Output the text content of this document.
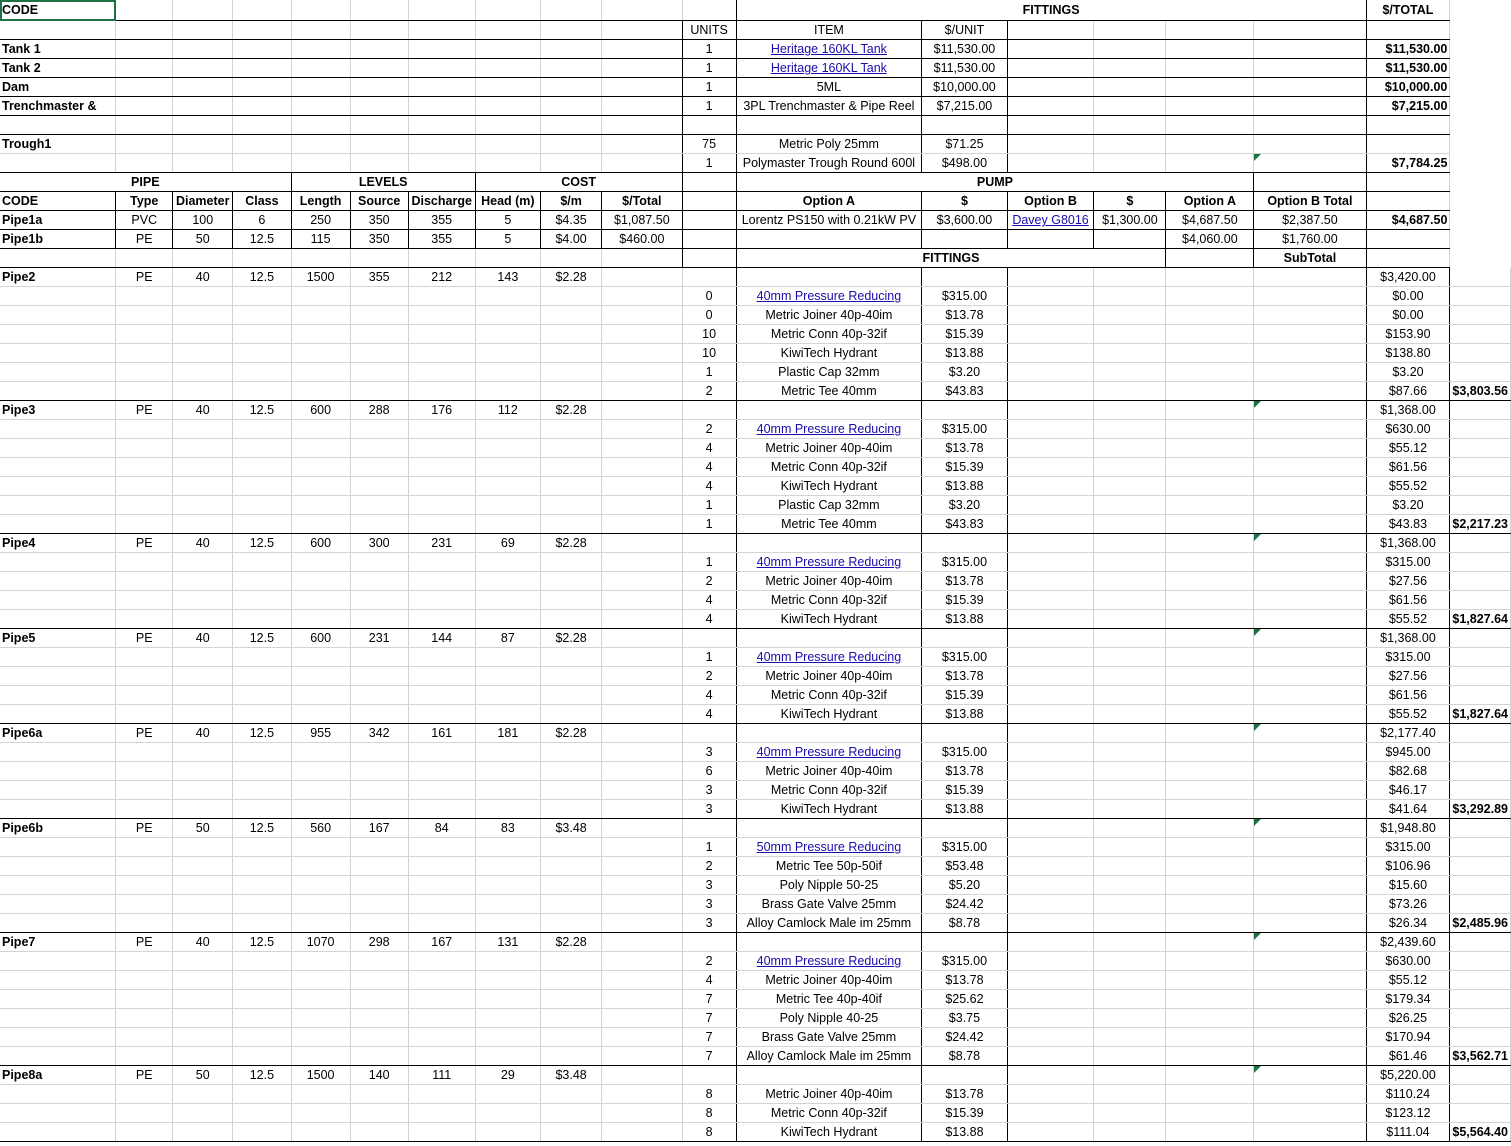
CODE											FITTINGS						$/TOTAL	
										UNITS	ITEM	$/UNIT						
Tank 1										1	Heritage 160KL Tank	$11,530.00					$11,530.00	
Tank 2										1	Heritage 160KL Tank	$11,530.00					$11,530.00	
Dam										1	5ML	$10,000.00					$10,000.00	
Trenchmaster &										1	3PL Trenchmaster & Pipe Reel	$7,215.00					$7,215.00	

Trough1										75	Metric Poly 25mm	$71.25						
										1	Polymaster Trough Round 600l	$498.00					$7,784.25	
PIPE				LEVELS			COST				PUMP							
CODE	Type	Diameter	Class	Length	Source	Discharge	Head (m)	$/m	$/Total		Option A	$	Option B	$	Option A	Option B Total		
Pipe1a	PVC	100	6	250	350	355	5	$4.35	$1,087.50		Lorentz PS150 with 0.21kW PV	$3,600.00	Davey G8016	$1,300.00	$4,687.50	$2,387.50	$4,687.50	
Pipe1b	PE	50	12.5	115	350	355	5	$4.00	$460.00						$4,060.00	$1,760.00		
											FITTINGS					SubTotal		
Pipe2	PE	40	12.5	1500	355	212	143	$2.28									$3,420.00	
										0	40mm Pressure Reducing	$315.00					$0.00	
										0	Metric Joiner 40p-40im	$13.78					$0.00	
										10	Metric Conn 40p-32if	$15.39					$153.90	
										10	KiwiTech Hydrant	$13.88					$138.80	
										1	Plastic Cap 32mm	$3.20					$3.20	
										2	Metric Tee 40mm	$43.83					$87.66	$3,803.56
Pipe3	PE	40	12.5	600	288	176	112	$2.28									$1,368.00	
										2	40mm Pressure Reducing	$315.00					$630.00	
										4	Metric Joiner 40p-40im	$13.78					$55.12	
										4	Metric Conn 40p-32if	$15.39					$61.56	
										4	KiwiTech Hydrant	$13.88					$55.52	
										1	Plastic Cap 32mm	$3.20					$3.20	
										1	Metric Tee 40mm	$43.83					$43.83	$2,217.23
Pipe4	PE	40	12.5	600	300	231	69	$2.28									$1,368.00	
										1	40mm Pressure Reducing	$315.00					$315.00	
										2	Metric Joiner 40p-40im	$13.78					$27.56	
										4	Metric Conn 40p-32if	$15.39					$61.56	
										4	KiwiTech Hydrant	$13.88					$55.52	$1,827.64
Pipe5	PE	40	12.5	600	231	144	87	$2.28									$1,368.00	
										1	40mm Pressure Reducing	$315.00					$315.00	
										2	Metric Joiner 40p-40im	$13.78					$27.56	
										4	Metric Conn 40p-32if	$15.39					$61.56	
										4	KiwiTech Hydrant	$13.88					$55.52	$1,827.64
Pipe6a	PE	40	12.5	955	342	161	181	$2.28									$2,177.40	
										3	40mm Pressure Reducing	$315.00					$945.00	
										6	Metric Joiner 40p-40im	$13.78					$82.68	
										3	Metric Conn 40p-32if	$15.39					$46.17	
										3	KiwiTech Hydrant	$13.88					$41.64	$3,292.89
Pipe6b	PE	50	12.5	560	167	84	83	$3.48									$1,948.80	
										1	50mm Pressure Reducing	$315.00					$315.00	
										2	Metric Tee 50p-50if	$53.48					$106.96	
										3	Poly Nipple 50-25	$5.20					$15.60	
										3	Brass Gate Valve 25mm	$24.42					$73.26	
										3	Alloy Camlock Male im 25mm	$8.78					$26.34	$2,485.96
Pipe7	PE	40	12.5	1070	298	167	131	$2.28									$2,439.60	
										2	40mm Pressure Reducing	$315.00					$630.00	
										4	Metric Joiner 40p-40im	$13.78					$55.12	
										7	Metric Tee 40p-40if	$25.62					$179.34	
										7	Poly Nipple 40-25	$3.75					$26.25	
										7	Brass Gate Valve 25mm	$24.42					$170.94	
										7	Alloy Camlock Male im 25mm	$8.78					$61.46	$3,562.71
Pipe8a	PE	50	12.5	1500	140	111	29	$3.48									$5,220.00	
										8	Metric Joiner 40p-40im	$13.78					$110.24	
										8	Metric Conn 40p-32if	$15.39					$123.12	
										8	KiwiTech Hydrant	$13.88					$111.04	$5,564.40
